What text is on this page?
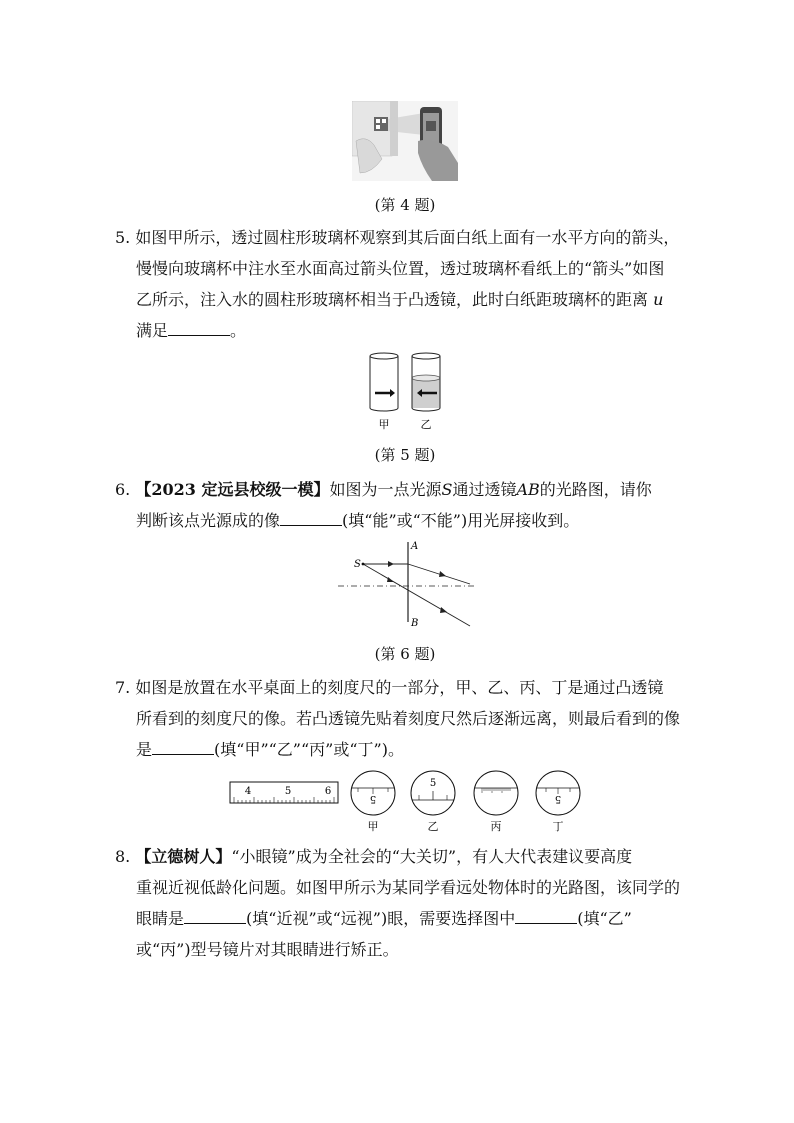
(第 4 题)
5. 如图甲所示，透过圆柱形玻璃杯观察到其后面白纸上面有一水平方向的箭头，
慢慢向玻璃杯中注水至水面高过箭头位置，透过玻璃杯看纸上的“箭头”如图
乙所示，注入水的圆柱形玻璃杯相当于凸透镜，此时白纸距玻璃杯的距离 u
满足	。
甲	乙
(第 5 题)
6. 【2023 定远县校级一模】如图为一点光源S通过透镜AB的光路图，请你
判断该点光源成的像	(填“能”或“不能”)用光屏接收到。
S
A
B
(第 6 题)
7. 如图是放置在水平桌面上的刻度尺的一部分，甲、乙、丙、丁是通过凸透镜
所看到的刻度尺的像。若凸透镜先贴着刻度尺然后逐渐远离，则最后看到的像
是	(填“甲”“乙”“丙”或“丁”)。
4	5	6
5
5
5
甲	乙	丙	丁
8. 【立德树人】“小眼镜”成为全社会的“大关切”，有人大代表建议要高度
重视近视低龄化问题。如图甲所示为某同学看远处物体时的光路图，该同学的
眼睛是	(填“近视”或“远视”)眼，需要选择图中	(填“乙”
或“丙”)型号镜片对其眼睛进行矫正。
